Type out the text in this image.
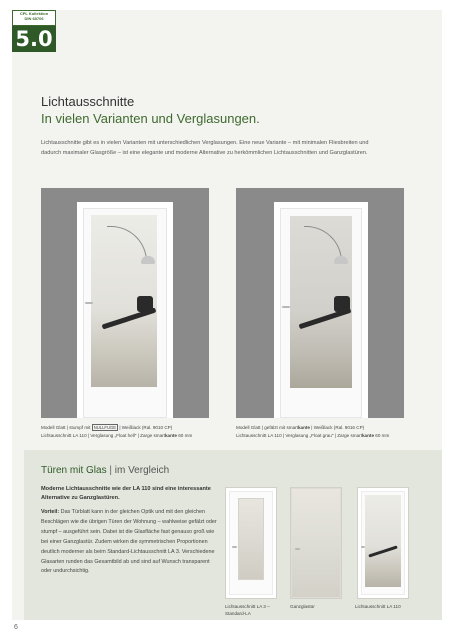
CPL Kollektion
DIN 68706
5.0
Lichtausschnitte
In vielen Varianten und Verglasungen.
Lichtausschnitte gibt es in vielen Varianten mit unterschiedlichen Verglasungen. Eine neue Variante – mit minimalen Fliesbreiten und dadurch maximaler Glasgröße – ist eine elegante und moderne Alternative zu herkömmlichen Lichtausschnitten und Ganzglastüren.
Modell Glatt | stumpf mit NULLFUGE | Weißlack (Ral. 9010 CP)
Lichtausschnitt LA 110 | Verglasung „Float hell" | Zarge smartkante 60 mm
Modell Glatt | gefälzt mit smartkante | Weißlack (Ral. 9016 CP)
Lichtausschnitt LA 110 | Verglasung „Float grau" | Zarge smartkante 60 mm
Türen mit Glas | im Vergleich
Moderne Lichtausschnitte wie der LA 110 sind eine interessante Alternative zu Ganzglastüren.
Vorteil: Das Türblatt kann in der gleichen Optik und mit den gleichen Beschlägen wie die übrigen Türen der Wohnung – wahlweise gefälzt oder stumpf – ausgeführt sein. Dabei ist die Glasfläche fast genauso groß wie bei einer Ganzglastür. Zudem wirken die symmetrischen Proportionen deutlich moderner als beim Standard-Lichtausschnitt LA 3. Verschiedene Glasarten runden das Gesamtbild ab und sind auf Wunsch transparent oder undurchsichtig.
Lichtausschnitt LA 3 –
Standard-LA
Ganzglastür	Lichtausschnitt LA 110
6
